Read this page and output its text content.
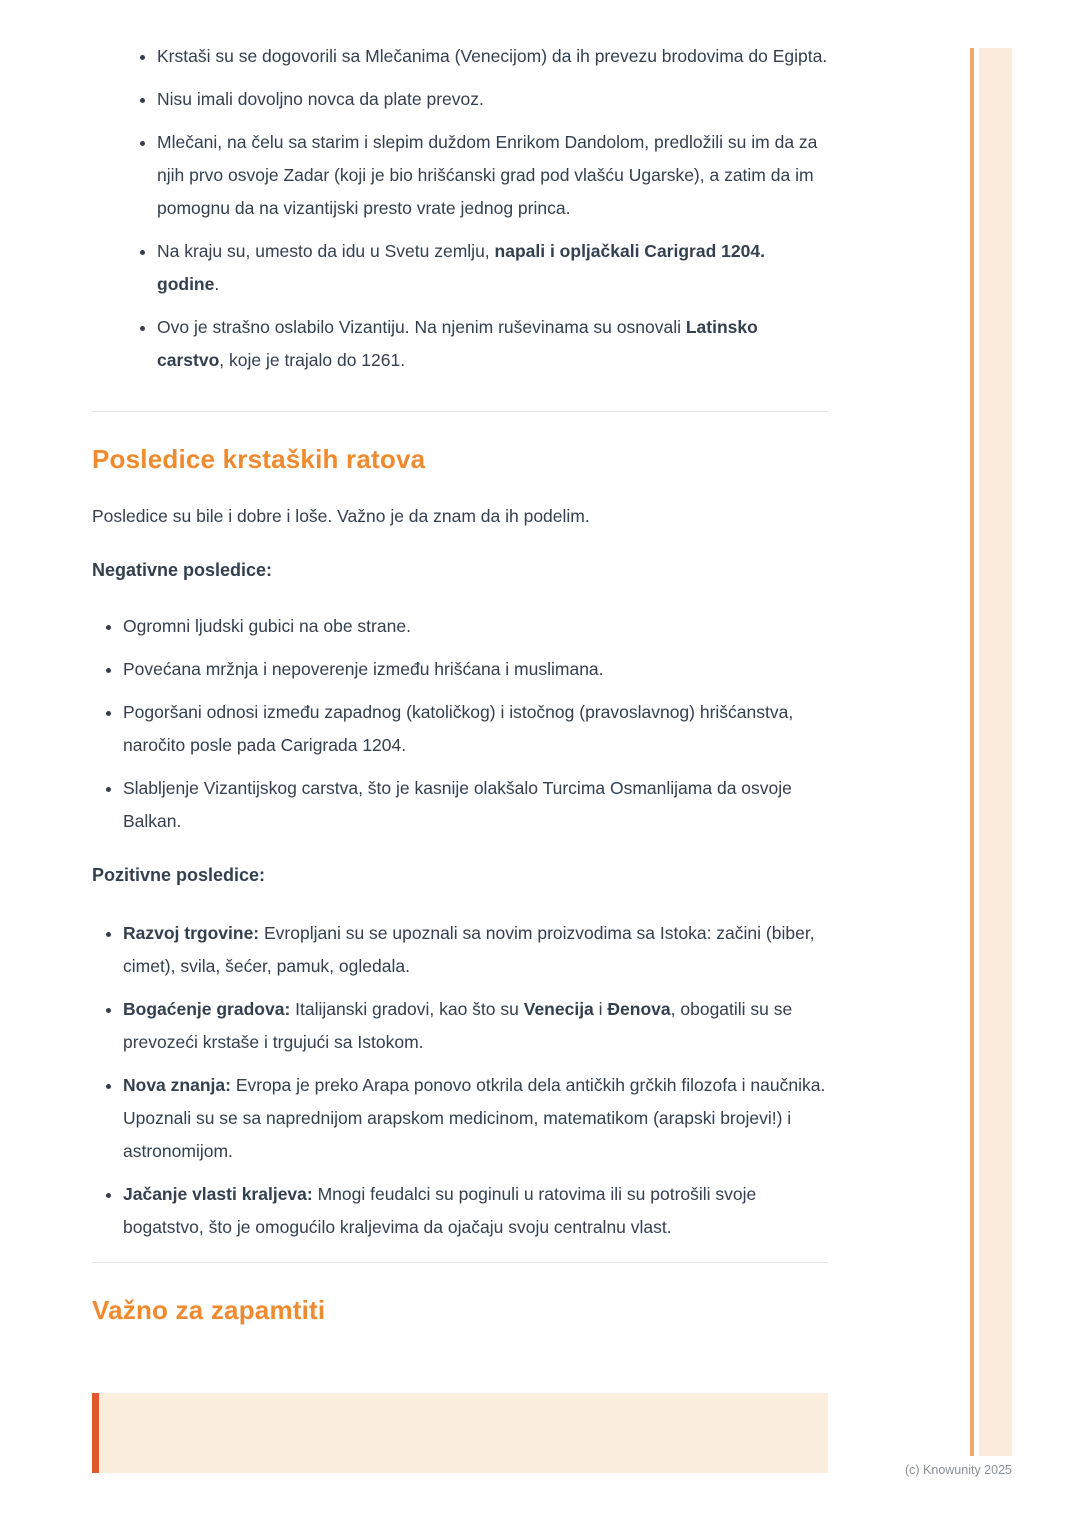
• Krstaši su se dogovorili sa Mlečanima (Venecijom) da ih prevezu brodovima do Egipta.
• Nisu imali dovoljno novca da plate prevoz.
• Mlečani, na čelu sa starim i slepim duždom Enrikom Dandolom, predložili su im da za njih prvo osvoje Zadar (koji je bio hrišćanski grad pod vlašću Ugarske), a zatim da im pomognu da na vizantijski presto vrate jednog princa.
• Na kraju su, umesto da idu u Svetu zemlju, napali i opljačkali Carigrad 1204. godine.
• Ovo je strašno oslabilo Vizantiju. Na njenim ruševinama su osnovali Latinsko carstvo, koje je trajalo do 1261.
Posledice krstaških ratova

Posledice su bile i dobre i loše. Važno je da znam da ih podelim.

Negativne posledice:

• Ogromni ljudski gubici na obe strane.
• Povećana mržnja i nepoverenje između hrišćana i muslimana.
• Pogoršani odnosi između zapadnog (katoličkog) i istočnog (pravoslavnog) hrišćanstva, naročito posle pada Carigrada 1204.
• Slabljenje Vizantijskog carstva, što je kasnije olakšalo Turcima Osmanlijama da osvoje Balkan.

Pozitivne posledice:

• Razvoj trgovine: Evropljani su se upoznali sa novim proizvodima sa Istoka: začini (biber, cimet), svila, šećer, pamuk, ogledala.
• Bogaćenje gradova: Italijanski gradovi, kao što su Venecija i Đenova, obogatili su se prevozeći krstaše i trgujući sa Istokom.
• Nova znanja: Evropa je preko Arapa ponovo otkrila dela antičkih grčkih filozofa i naučnika. Upoznali su se sa naprednijom arapskom medicinom, matematikom (arapski brojevi!) i astronomijom.
• Jačanje vlasti kraljeva: Mnogi feudalci su poginuli u ratovima ili su potrošili svoje bogatstvo, što je omogućilo kraljevima da ojačaju svoju centralnu vlast.
Važno za zapamtiti
(c) Knowunity 2025
